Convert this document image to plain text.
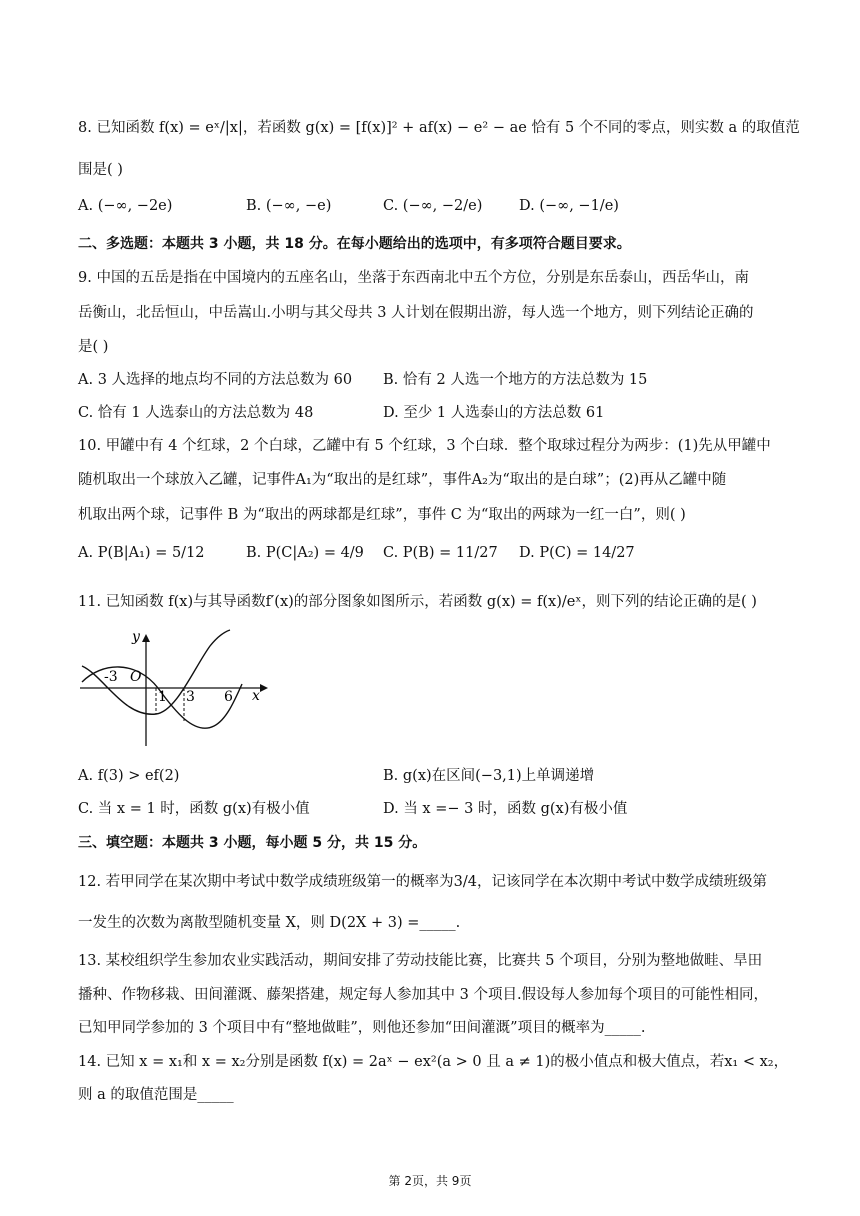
8. 已知函数 f(x) = eˣ/|x|，若函数 g(x) = [f(x)]² + af(x) − e² − ae 恰有 5 个不同的零点，则实数 a 的取值范
围是( )
A. (−∞, −2e)	B. (−∞, −e)	C. (−∞, −2/e)	D. (−∞, −1/e)
二、多选题：本题共 3 小题，共 18 分。在每小题给出的选项中，有多项符合题目要求。
9. 中国的五岳是指在中国境内的五座名山，坐落于东西南北中五个方位，分别是东岳泰山，西岳华山，南
岳衡山，北岳恒山，中岳嵩山.小明与其父母共 3 人计划在假期出游，每人选一个地方，则下列结论正确的
是( )
A. 3 人选择的地点均不同的方法总数为 60 B. 恰有 2 人选一个地方的方法总数为 15
C. 恰有 1 人选泰山的方法总数为 48	D. 至少 1 人选泰山的方法总数 61
10. 甲罐中有 4 个红球，2 个白球，乙罐中有 5 个红球，3 个白球．整个取球过程分为两步：(1)先从甲罐中
随机取出一个球放入乙罐，记事件A₁为“取出的是红球”，事件A₂为“取出的是白球”；(2)再从乙罐中随
机取出两个球，记事件 B 为“取出的两球都是红球”，事件 C 为“取出的两球为一红一白”，则( )
A. P(B|A₁) = 5/12	B. P(C|A₂) = 4/9 C. P(B) = 11/27 D. P(C) = 14/27
11. 已知函数 f(x)与其导函数f′(x)的部分图象如图所示，若函数 g(x) = f(x)/eˣ，则下列的结论正确的是( )
y
O
-3
1 3 6 x
A. f(3) > ef(2)	B. g(x)在区间(−3,1)上单调递增
C. 当 x = 1 时，函数 g(x)有极小值	D. 当 x =− 3 时，函数 g(x)有极小值
三、填空题：本题共 3 小题，每小题 5 分，共 15 分。
12. 若甲同学在某次期中考试中数学成绩班级第一的概率为3/4，记该同学在本次期中考试中数学成绩班级第
一发生的次数为离散型随机变量 X，则 D(2X + 3) =_____.
13. 某校组织学生参加农业实践活动，期间安排了劳动技能比赛，比赛共 5 个项目，分别为整地做畦、旱田
播种、作物移栽、田间灌溉、藤架搭建，规定每人参加其中 3 个项目.假设每人参加每个项目的可能性相同，
已知甲同学参加的 3 个项目中有“整地做畦”，则他还参加“田间灌溉”项目的概率为_____.
14. 已知 x = x₁和 x = x₂分别是函数 f(x) = 2aˣ − ex²(a > 0 且 a ≠ 1)的极小值点和极大值点，若x₁ < x₂，
则 a 的取值范围是_____
第 2页，共 9页
